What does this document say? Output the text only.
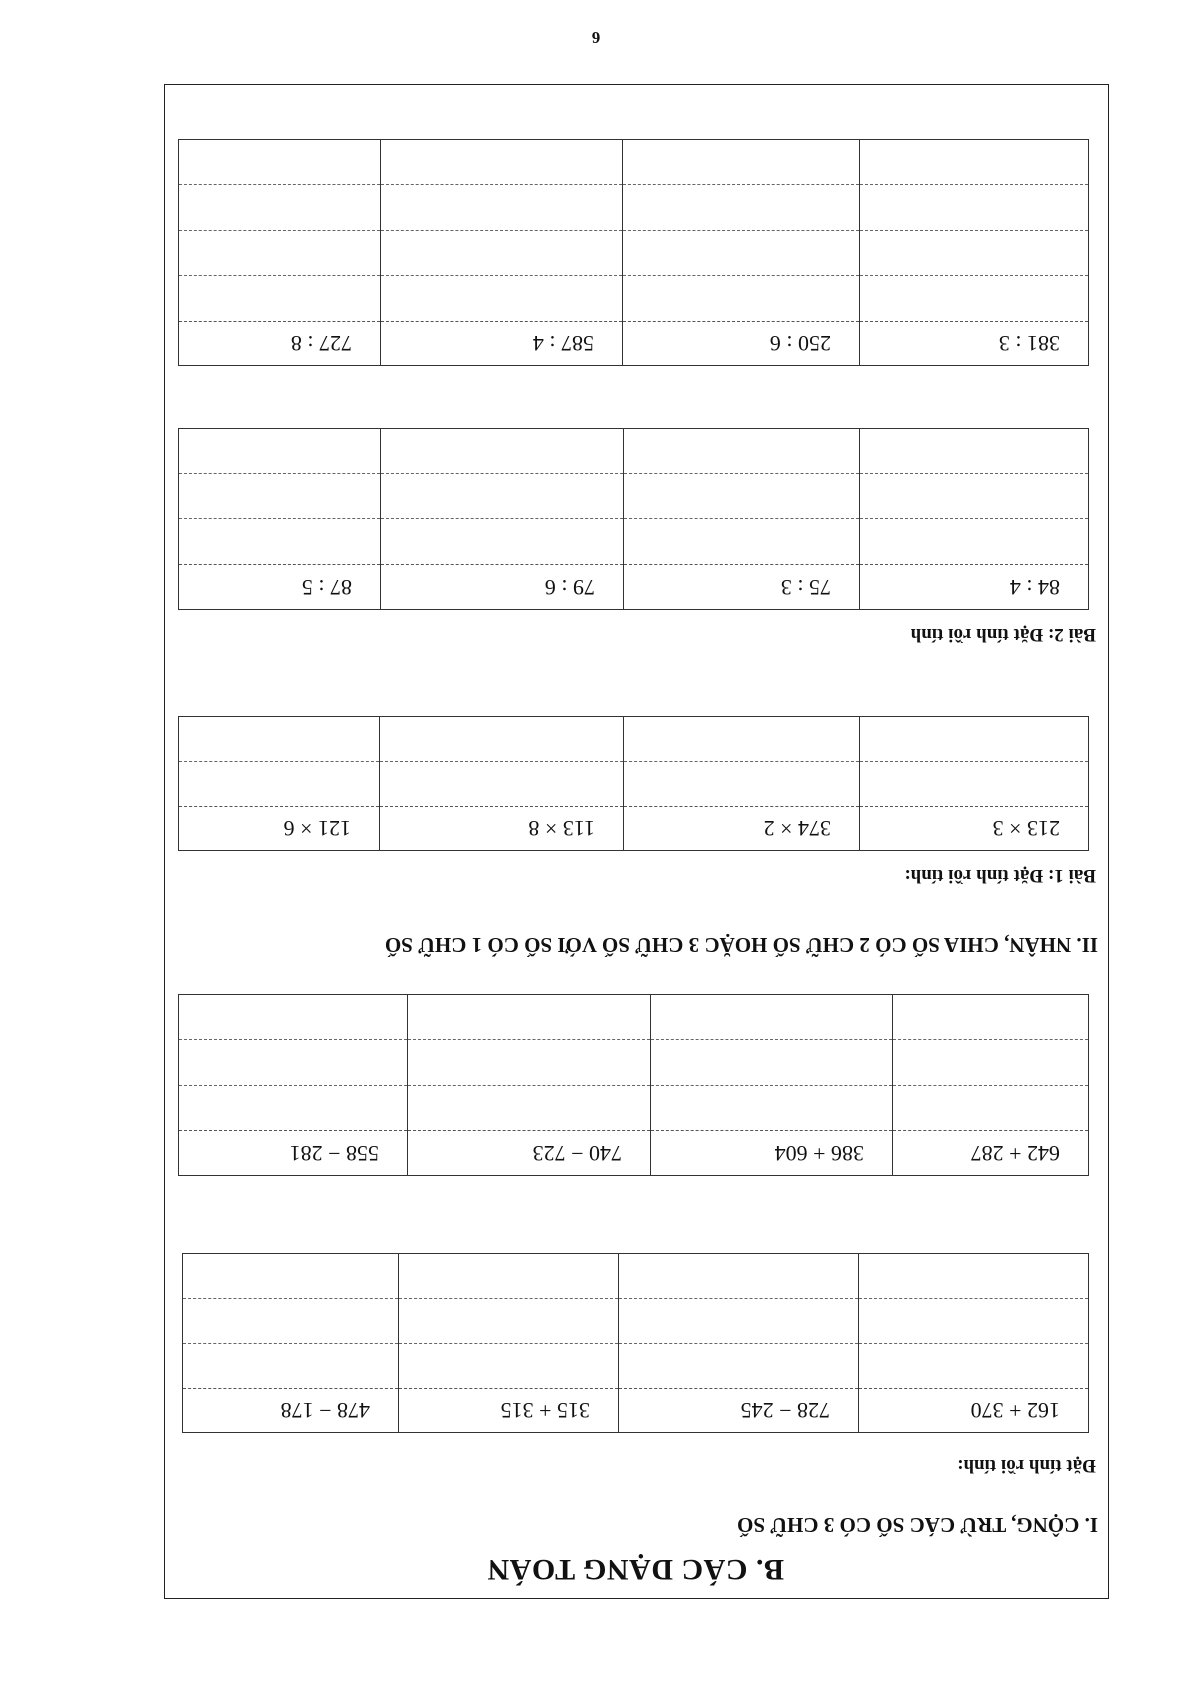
6
B. CÁC DẠNG TOÁN
I. CỘNG, TRỪ CÁC SỐ CÓ 3 CHỮ SỐ
Đặt tính rồi tính:
162 + 370	728 − 245	315 + 315	478 − 178

642 + 287	386 + 604	740 − 723	558 − 281

II. NHÂN, CHIA SỐ CÓ 2 CHỮ SỐ HOẶC 3 CHỮ SỐ VỚI SỐ CÓ 1 CHỮ SỐ
Bài 1: Đặt tính rồi tính:
213 × 3	374 × 2	113 × 8	121 × 6

Bài 2: Đặt tính rồi tính
84 : 4	75 : 3	79 : 6	87 : 5

381 : 3	250 : 6	587 : 4	727 : 8
